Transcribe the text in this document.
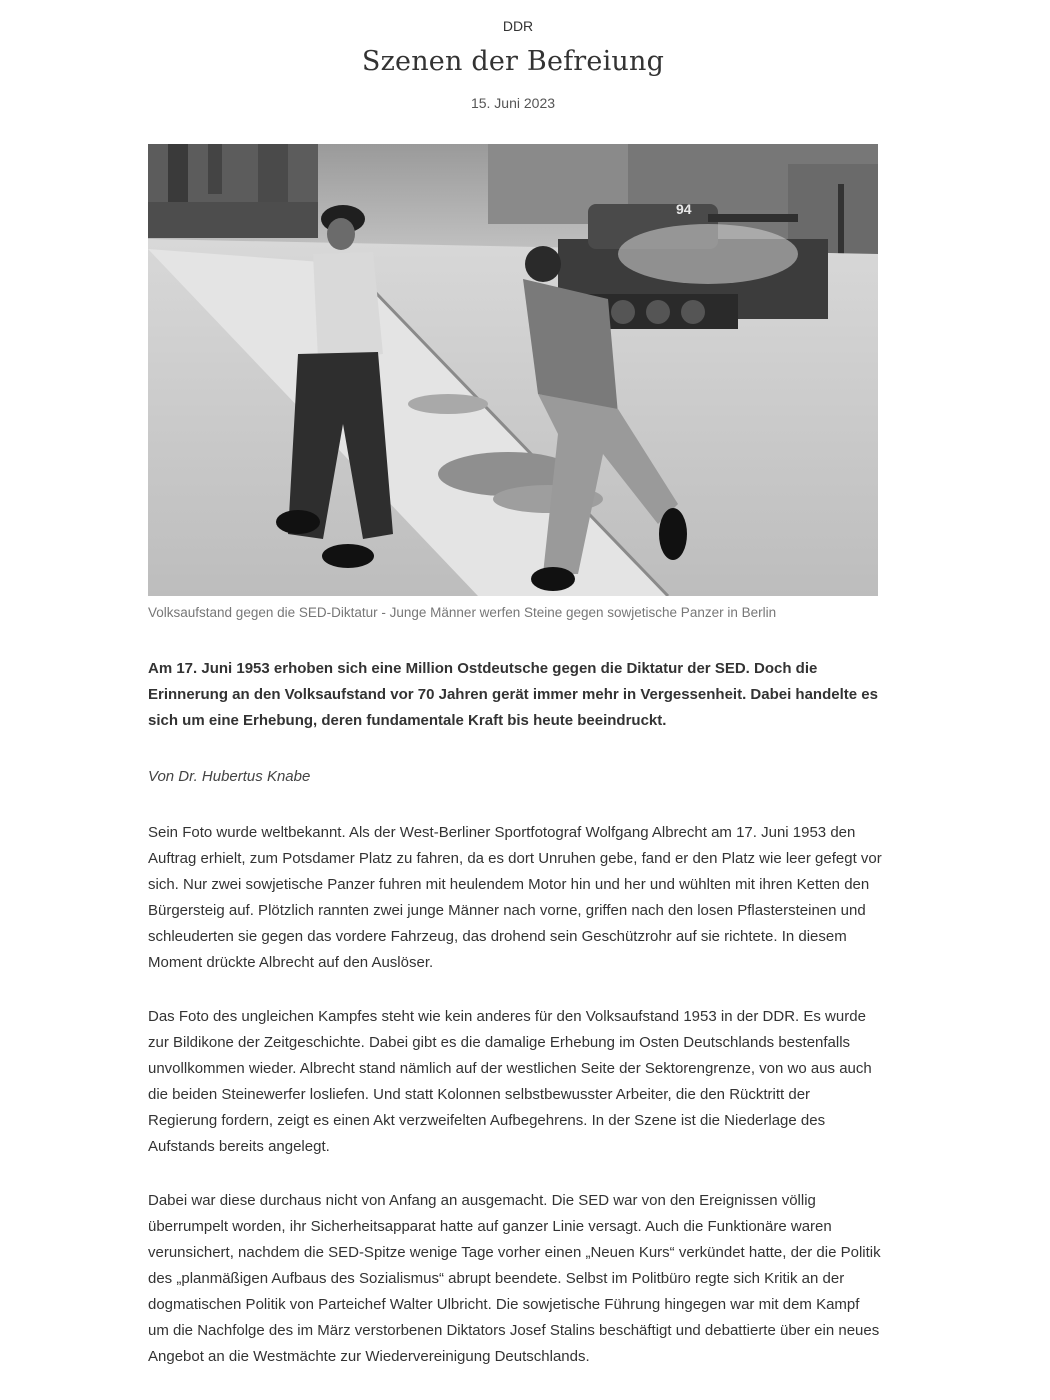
DDR
Szenen der Befreiung
15. Juni 2023
94
Volksaufstand gegen die SED-Diktatur - Junge Männer werfen Steine gegen sowjetische Panzer in Berlin

Am 17. Juni 1953 erhoben sich eine Million Ostdeutsche gegen die Diktatur der SED. Doch die Erinnerung an den Volksaufstand vor 70 Jahren gerät immer mehr in Vergessenheit. Dabei handelte es sich um eine Erhebung, deren fundamentale Kraft bis heute beeindruckt.

Von Dr. Hubertus Knabe

Sein Foto wurde weltbekannt. Als der West-Berliner Sportfotograf Wolfgang Albrecht am 17. Juni 1953 den Auftrag erhielt, zum Potsdamer Platz zu fahren, da es dort Unruhen gebe, fand er den Platz wie leer gefegt vor sich. Nur zwei sowjetische Panzer fuhren mit heulendem Motor hin und her und wühlten mit ihren Ketten den Bürgersteig auf. Plötzlich rannten zwei junge Männer nach vorne, griffen nach den losen Pflastersteinen und schleuderten sie gegen das vordere Fahrzeug, das drohend sein Geschützrohr auf sie richtete. In diesem Moment drückte Albrecht auf den Auslöser.

Das Foto des ungleichen Kampfes steht wie kein anderes für den Volksaufstand 1953 in der DDR. Es wurde zur Bildikone der Zeitgeschichte. Dabei gibt es die damalige Erhebung im Osten Deutschlands bestenfalls unvollkommen wieder. Albrecht stand nämlich auf der westlichen Seite der Sektorengrenze, von wo aus auch die beiden Steinewerfer losliefen. Und statt Kolonnen selbstbewusster Arbeiter, die den Rücktritt der Regierung fordern, zeigt es einen Akt verzweifelten Aufbegehrens. In der Szene ist die Niederlage des Aufstands bereits angelegt.

Dabei war diese durchaus nicht von Anfang an ausgemacht. Die SED war von den Ereignissen völlig überrumpelt worden, ihr Sicherheitsapparat hatte auf ganzer Linie versagt. Auch die Funktionäre waren verunsichert, nachdem die SED-Spitze wenige Tage vorher einen „Neuen Kurs“ verkündet hatte, der die Politik des „planmäßigen Aufbaus des Sozialismus“ abrupt beendete. Selbst im Politbüro regte sich Kritik an der dogmatischen Politik von Parteichef Walter Ulbricht. Die sowjetische Führung hingegen war mit dem Kampf um die Nachfolge des im März verstorbenen Diktators Josef Stalins beschäftigt und debattierte über ein neues Angebot an die Westmächte zur Wiedervereinigung Deutschlands.
